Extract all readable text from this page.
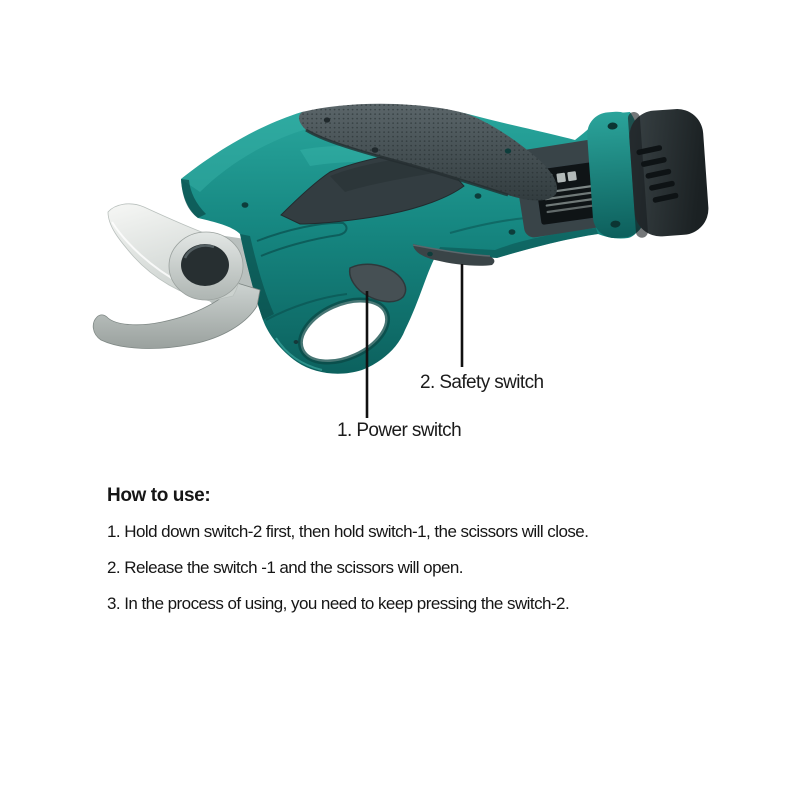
2. Safety switch
1. Power switch
How to use:

1. Hold down switch-2 first, then hold switch-1, the scissors will close.

2. Release the switch -1 and the scissors will open.

3. In the process of using, you need to keep pressing the switch-2.
